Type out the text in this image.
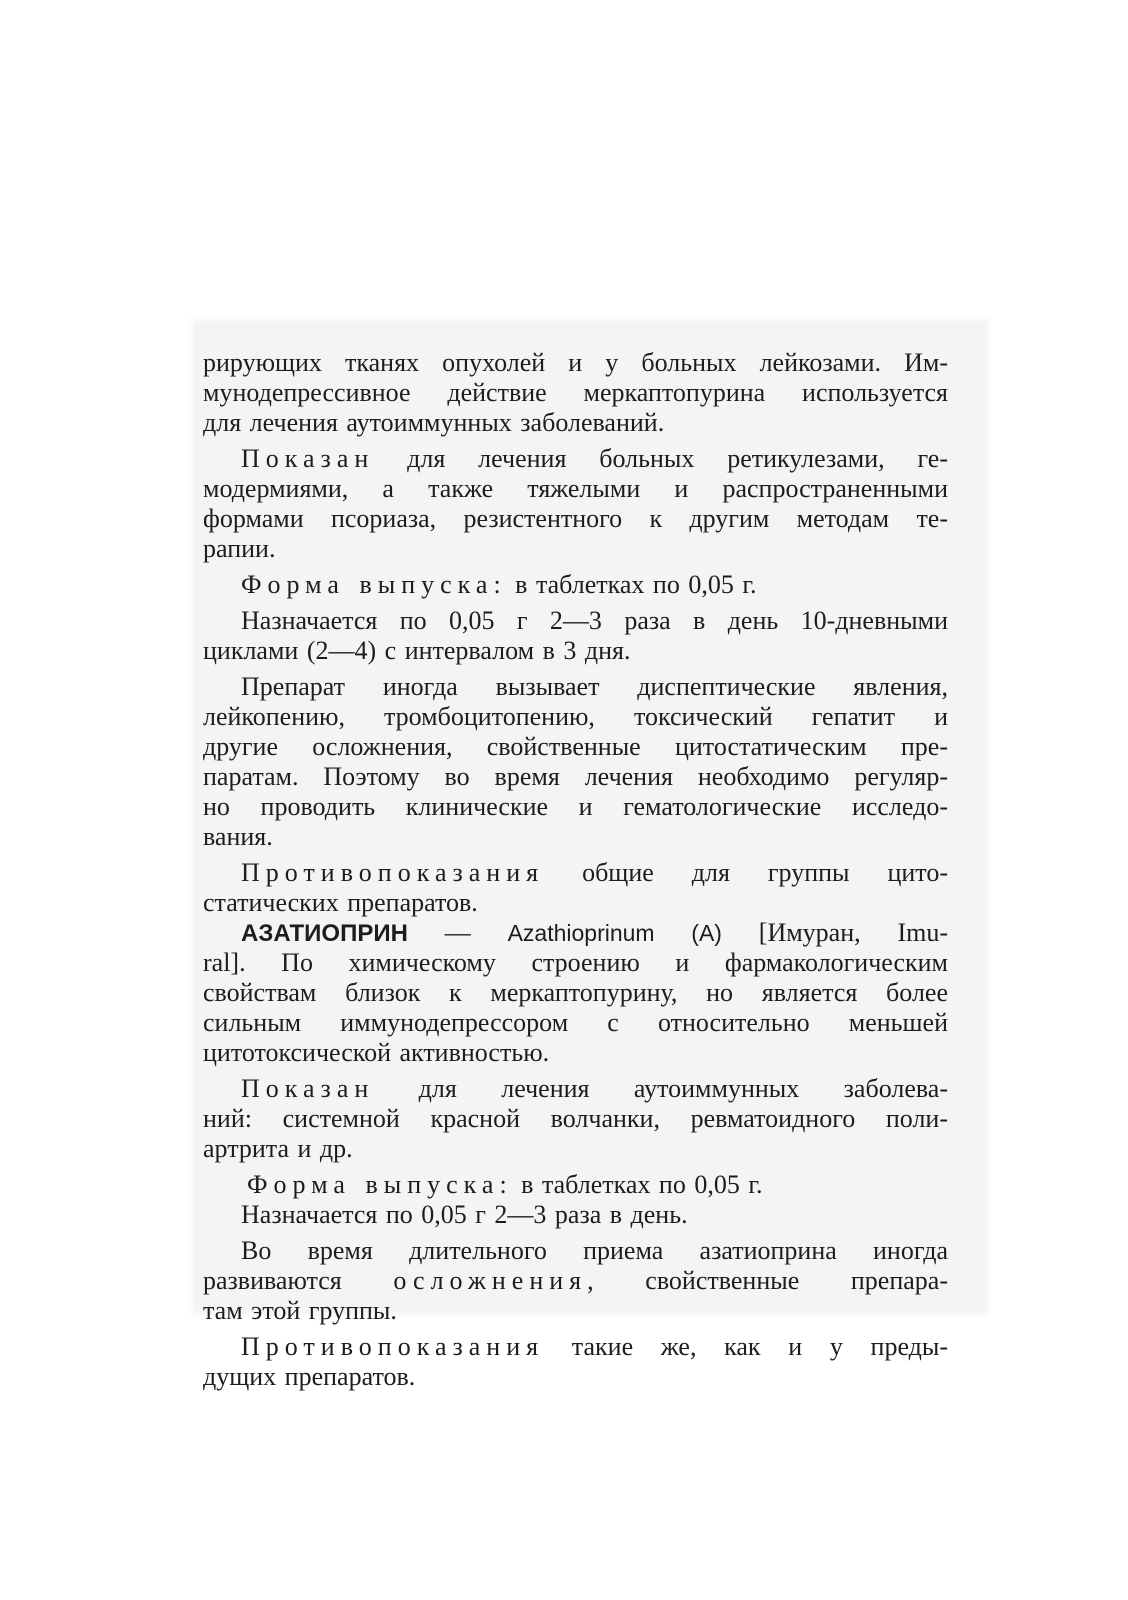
рирующих тканях опухолей и у больных лейкозами. Им-
мунодепрессивное действие меркаптопурина используется
для лечения аутоиммунных заболеваний.
Показан для лечения больных ретикулезами, ге-
модермиями, а также тяжелыми и распространенными
формами псориаза, резистентного к другим методам те-
рапии.
Форма выпуска: в таблетках по 0,05 г.
Назначается по 0,05 г 2—3 раза в день 10-дневными
циклами (2—4) с интервалом в 3 дня.
Препарат иногда вызывает диспептические явления,
лейкопению, тромбоцитопению, токсический гепатит и
другие осложнения, свойственные цитостатическим пре-
паратам. Поэтому во время лечения необходимо регуляр-
но проводить клинические и гематологические исследо-
вания.
Противопоказания общие для группы цито-
статических препаратов.
АЗАТИОПРИН — Azathioprinum (A) [Имуран, Imu-
ral]. По химическому строению и фармакологическим
свойствам близок к меркаптопурину, но является более
сильным иммунодепрессором с относительно меньшей
цитотоксической активностью.
Показан для лечения аутоиммунных заболева-
ний: системной красной волчанки, ревматоидного поли-
артрита и др.
Форма выпуска: в таблетках по 0,05 г.
Назначается по 0,05 г 2—3 раза в день.
Во время длительного приема азатиоприна иногда
развиваются осложнения, свойственные препара-
там этой группы.
Противопоказания такие же, как и у преды-
дущих препаратов.
